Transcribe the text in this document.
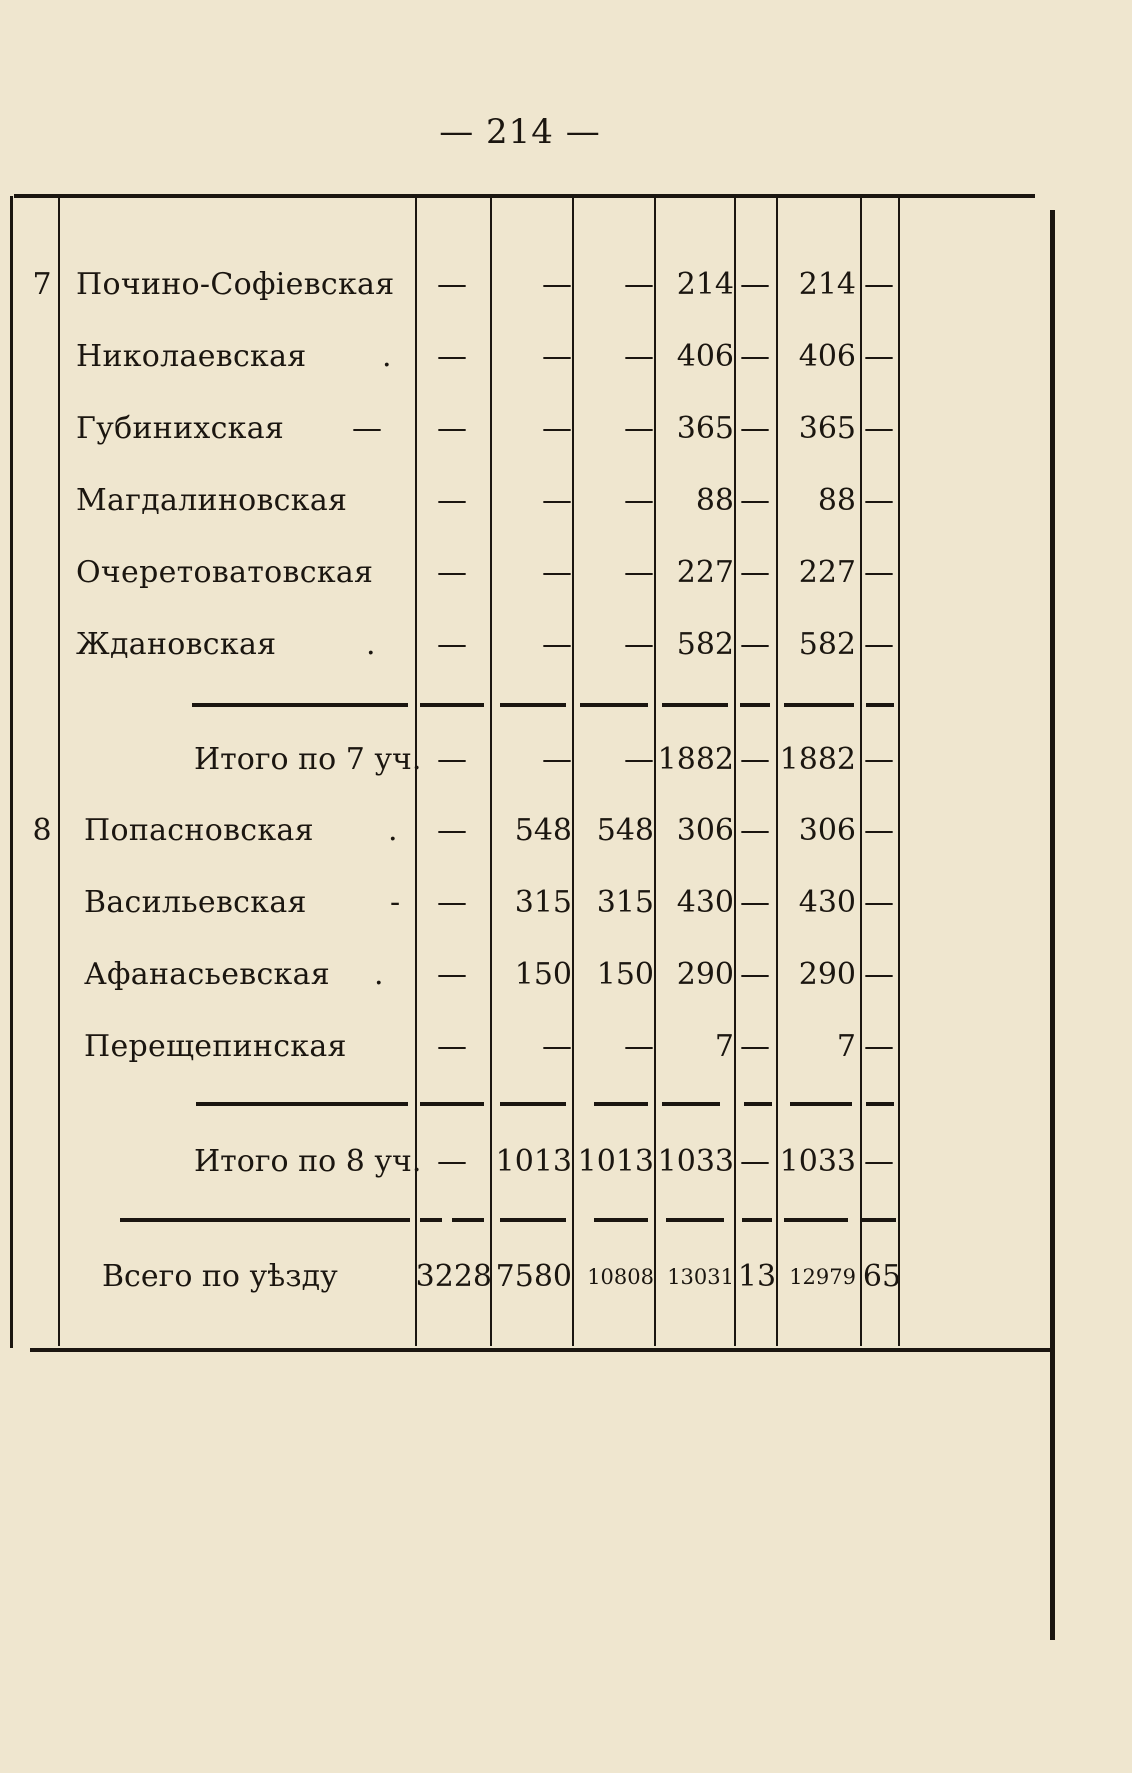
— 214 —
7 Почино-Софіевская	—	—	— 214 — 214 —
Николаевская	.	—	—	— 406 — 406 —
Губинихская —	—	—	— 365 — 365 —
Магдалиновская	—	—	—	88 —	88 —
Очеретоватовская	—	—	— 227 — 227 —
Ждановская	.	—	—	— 582 — 582 —
Итого по 7 уч. —	—	— 1882 — 1882 —
8 Попасновская .	—	548 548 306 — 306 —
Васильевская	-	—	315 315 430 — 430 —
Афанасьевская .	—	150 150 290 — 290 —
Перещепинская	—	—	—	7 —	7 —
Итого по 8 уч. — 1013 1013 1033 — 1033 —
Всего по уѣзду	3228 7580 10808 13031 13 12979 65
